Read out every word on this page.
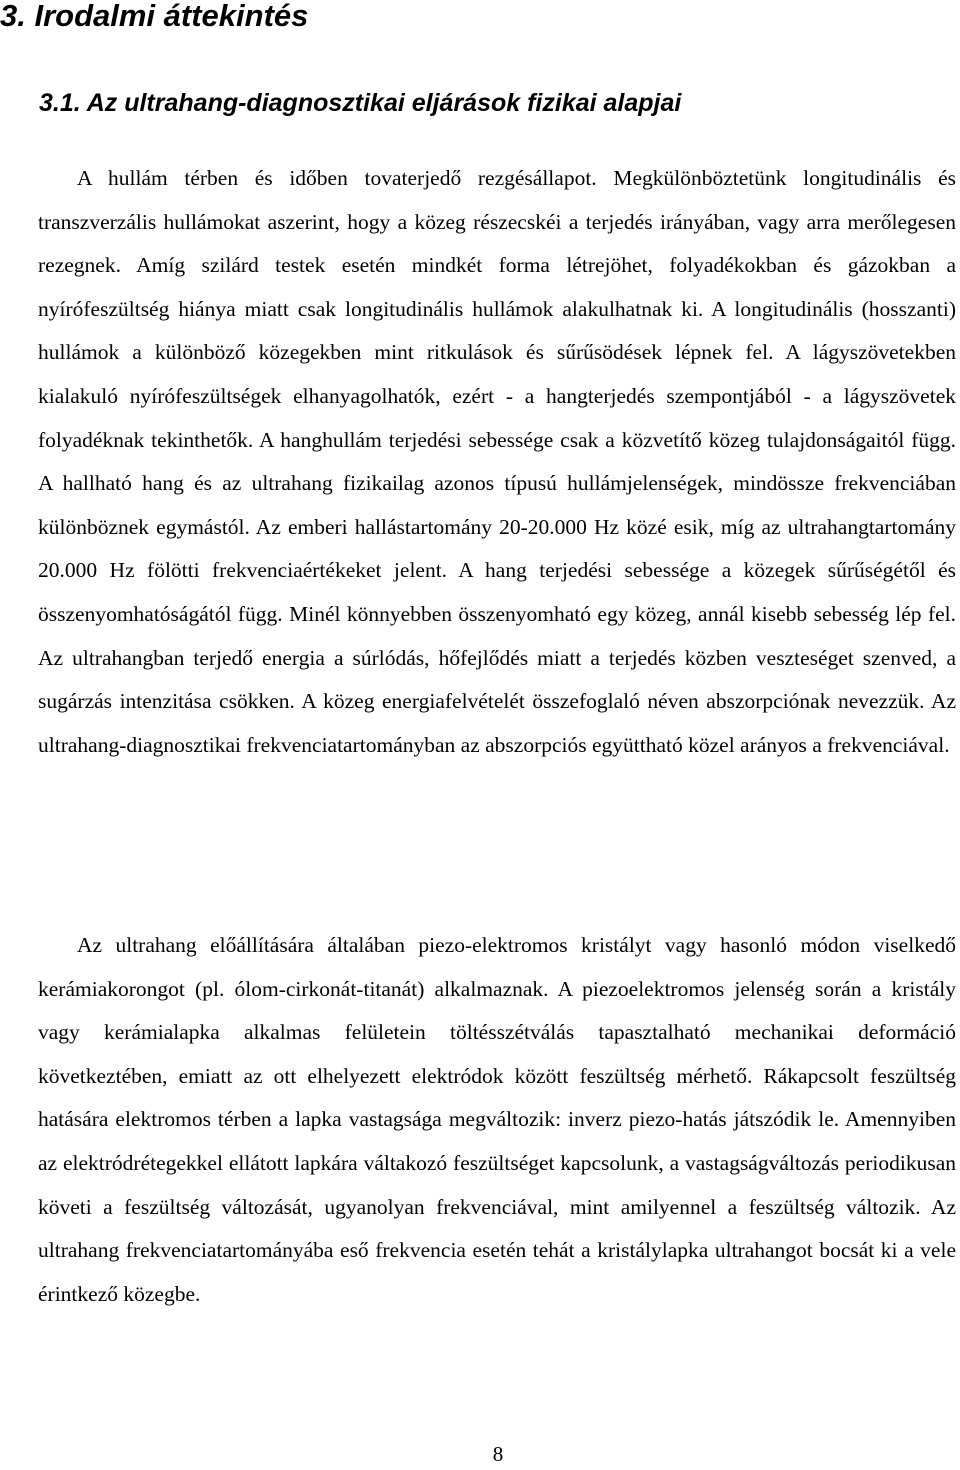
3. Irodalmi áttekintés
3.1. Az ultrahang-diagnosztikai eljárások fizikai alapjai

A hullám térben és időben tovaterjedő rezgésállapot. Megkülönböztetünk longitudinális és transzverzális hullámokat aszerint, hogy a közeg részecskéi a terjedés irányában, vagy arra merőlegesen rezegnek. Amíg szilárd testek esetén mindkét forma létrejöhet, folyadékokban és gázokban a nyírófeszültség hiánya miatt csak longitudinális hullámok alakulhatnak ki. A longitudinális (hosszanti) hullámok a különböző közegekben mint ritkulások és sűrűsödések lépnek fel. A lágyszövetekben kialakuló nyírófeszültségek elhanyagolhatók, ezért - a hangterjedés szempontjából - a lágyszövetek folyadéknak tekinthetők. A hanghullám terjedési sebessége csak a közvetítő közeg tulajdonságaitól függ. A hallható hang és az ultrahang fizikailag azonos típusú hullámjelenségek, mindössze frekvenciában különböznek egymástól. Az emberi hallástartomány 20-20.000 Hz közé esik, míg az ultrahangtartomány 20.000 Hz fölötti frekvenciaértékeket jelent. A hang terjedési sebessége a közegek sűrűségétől és összenyomhatóságától függ. Minél könnyebben összenyomható egy közeg, annál kisebb sebesség lép fel. Az ultrahangban terjedő energia a súrlódás, hőfejlődés miatt a terjedés közben veszteséget szenved, a sugárzás intenzitása csökken. A közeg energiafelvételét összefoglaló néven abszorpciónak nevezzük. Az ultrahang-diagnosztikai frekvenciatartományban az abszorpciós együttható közel arányos a frekvenciával.

Az ultrahang előállítására általában piezo-elektromos kristályt vagy hasonló módon viselkedő kerámiakorongot (pl. ólom-cirkonát-titanát) alkalmaznak. A piezoelektromos jelenség során a kristály vagy kerámialapka alkalmas felületein töltésszétválás tapasztalható mechanikai deformáció következtében, emiatt az ott elhelyezett elektródok között feszültség mérhető. Rákapcsolt feszültség hatására elektromos térben a lapka vastagsága megváltozik: inverz piezo-hatás játszódik le. Amennyiben az elektródrétegekkel ellátott lapkára váltakozó feszültséget kapcsolunk, a vastagságváltozás periodikusan követi a feszültség változását, ugyanolyan frekvenciával, mint amilyennel a feszültség változik. Az ultrahang frekvenciatartományába eső frekvencia esetén tehát a kristálylapka ultrahangot bocsát ki a vele érintkező közegbe.

8
